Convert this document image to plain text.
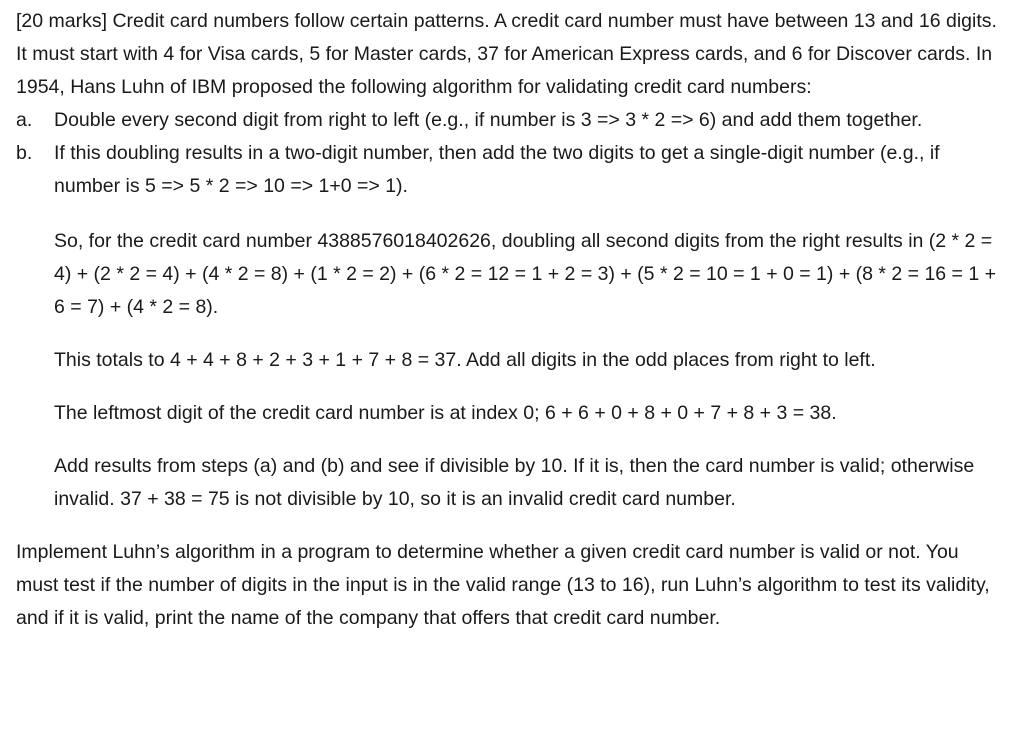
[20 marks] Credit card numbers follow certain patterns. A credit card number must have between 13 and 16 digits. It must start with 4 for Visa cards, 5 for Master cards, 37 for American Express cards, and 6 for Discover cards. In 1954, Hans Luhn of IBM proposed the following algorithm for validating credit card numbers:

a.	Double every second digit from right to left (e.g., if number is 3 => 3 * 2 => 6) and add them together.
b.	If this doubling results in a two-digit number, then add the two digits to get a single-digit number (e.g., if number is 5 => 5 * 2 => 10 => 1+0 => 1).

So, for the credit card number 4388576018402626, doubling all second digits from the right results in (2 * 2 = 4) + (2 * 2 = 4) + (4 * 2 = 8) + (1 * 2 = 2) + (6 * 2 = 12 = 1 + 2 = 3) + (5 * 2 = 10 = 1 + 0 = 1) + (8 * 2 = 16 = 1 + 6 = 7) + (4 * 2 = 8).

This totals to 4 + 4 + 8 + 2 + 3 + 1 + 7 + 8 = 37. Add all digits in the odd places from right to left.

The leftmost digit of the credit card number is at index 0; 6 + 6 + 0 + 8 + 0 + 7 + 8 + 3 = 38.

Add results from steps (a) and (b) and see if divisible by 10. If it is, then the card number is valid; otherwise invalid. 37 + 38 = 75 is not divisible by 10, so it is an invalid credit card number.

Implement Luhn’s algorithm in a program to determine whether a given credit card number is valid or not. You must test if the number of digits in the input is in the valid range (13 to 16), run Luhn’s algorithm to test its validity, and if it is valid, print the name of the company that offers that credit card number.
